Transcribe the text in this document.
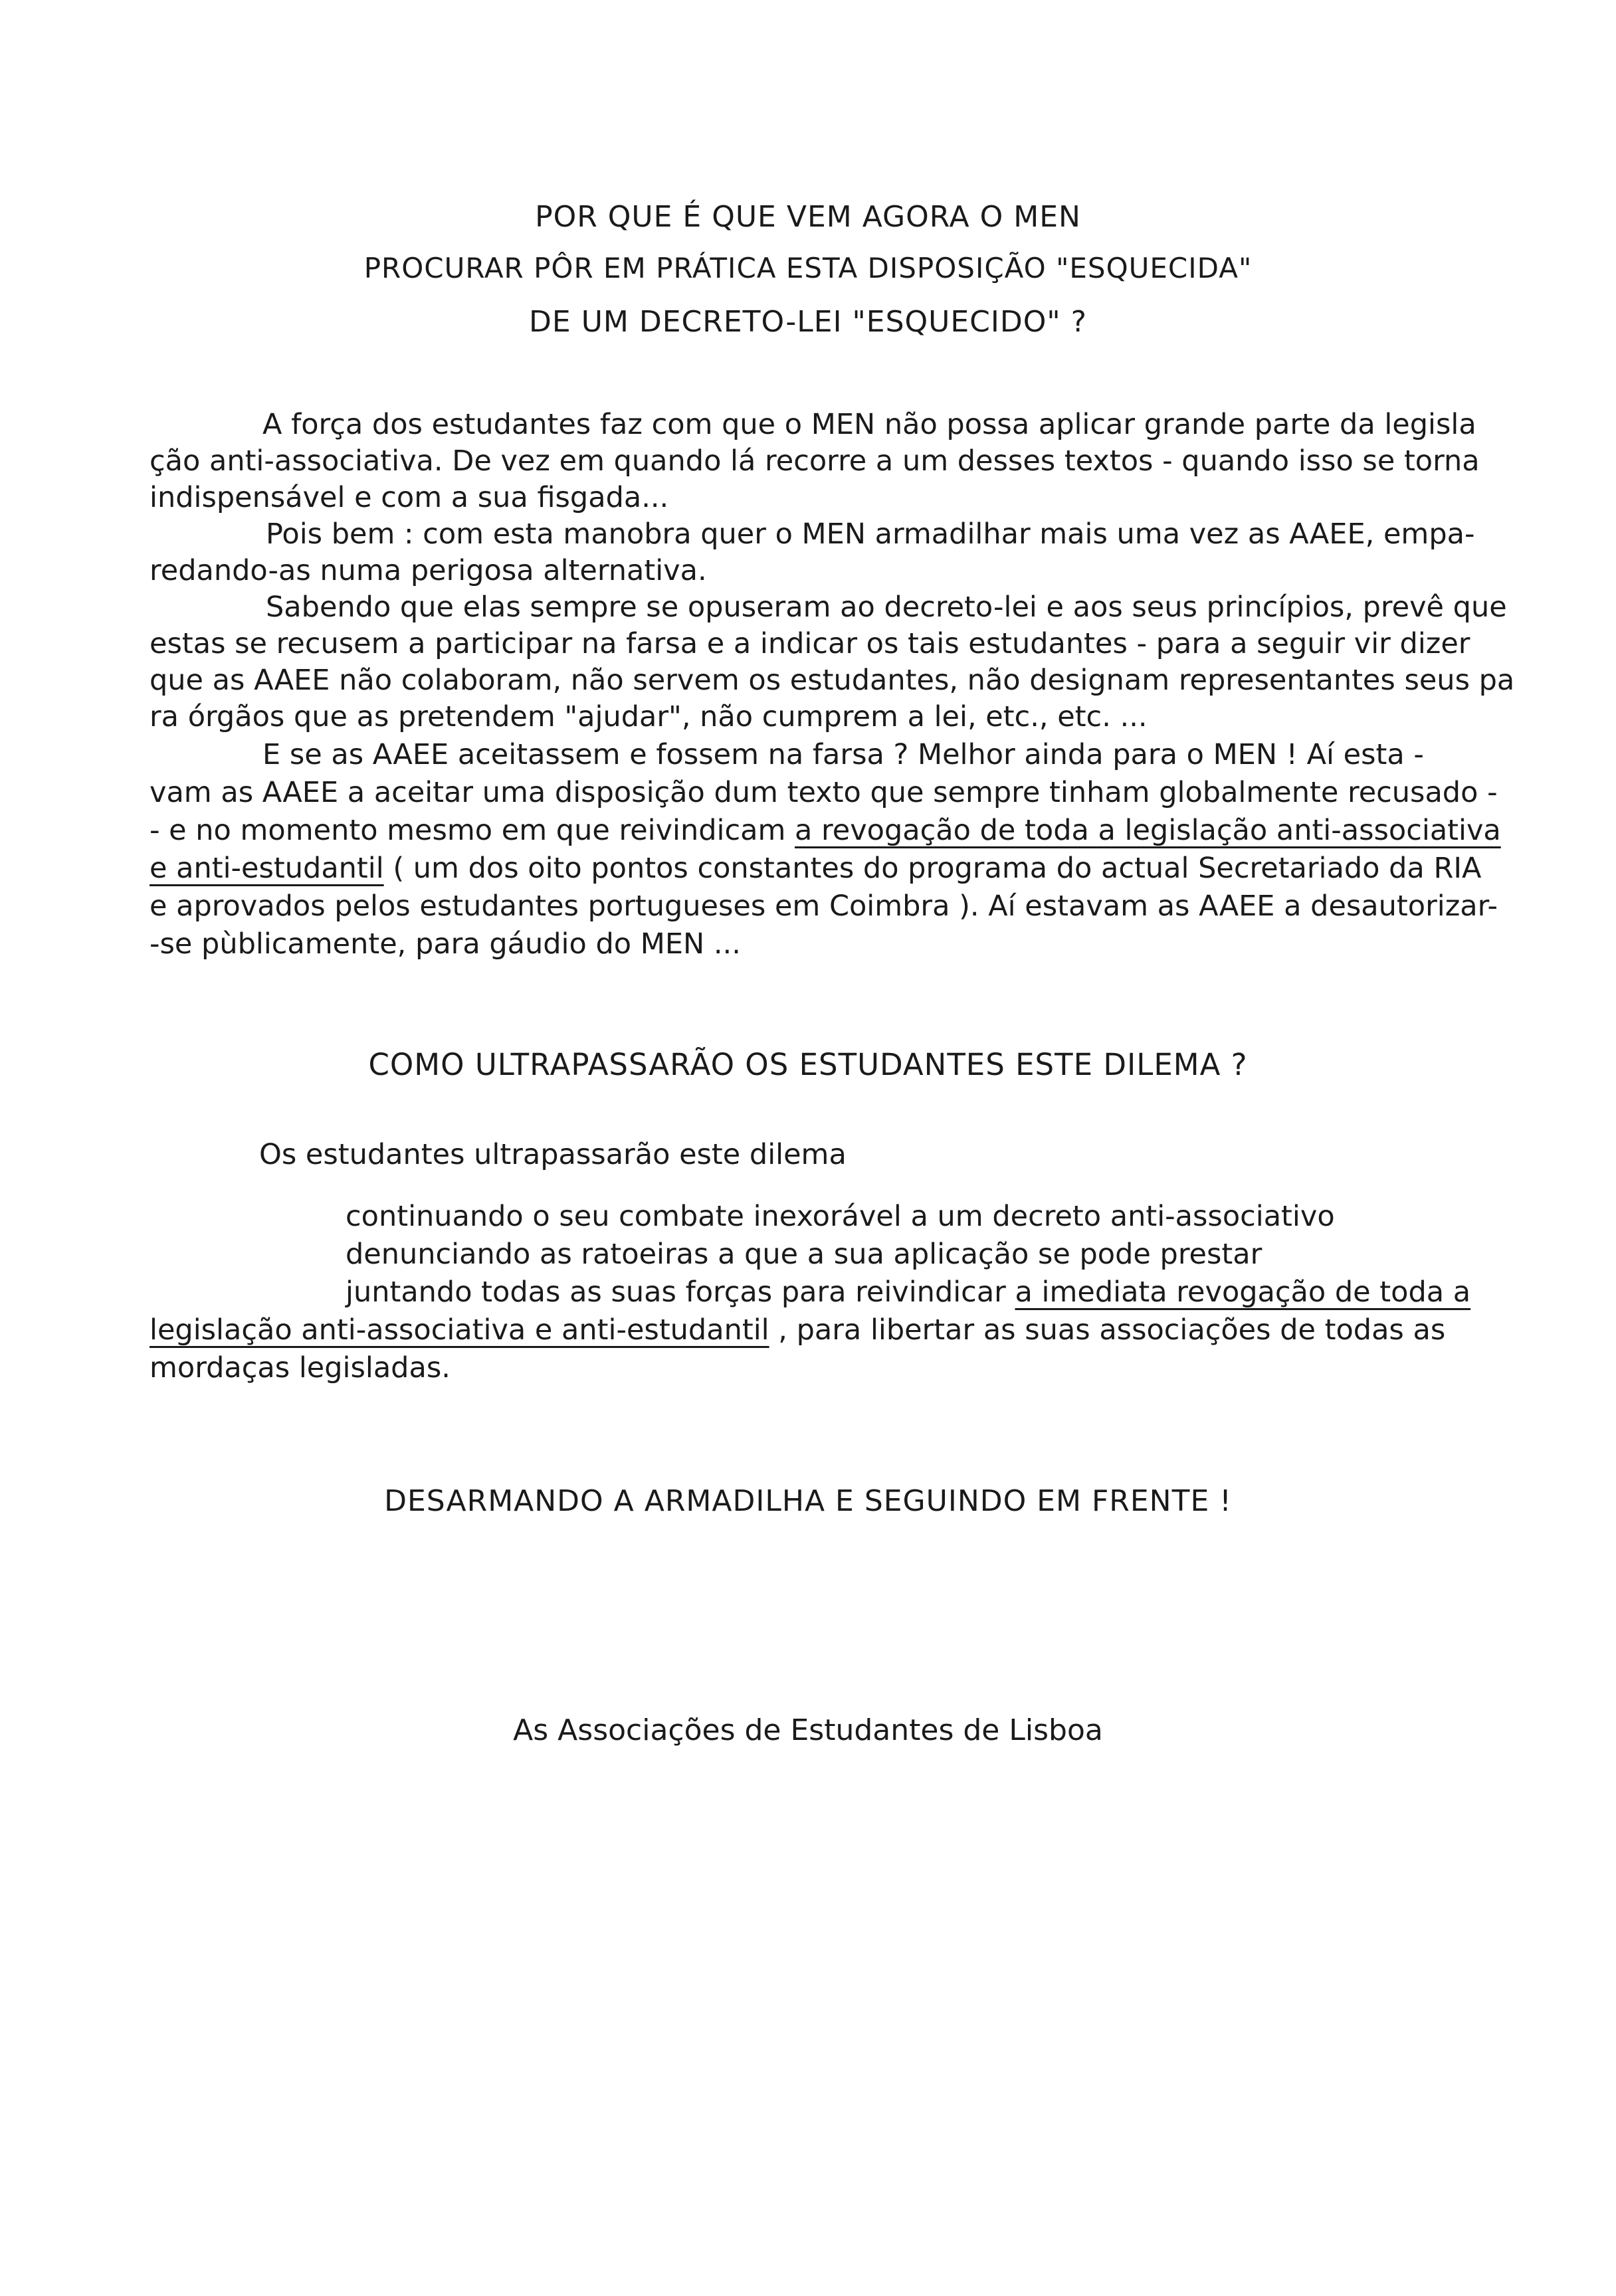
POR QUE É QUE VEM AGORA O MEN
PROCURAR PÔR EM PRÁTICA ESTA DISPOSIÇÃO "ESQUECIDA"
DE UM DECRETO-LEI "ESQUECIDO" ?
A força dos estudantes faz com que o MEN não possa aplicar grande parte da legisla
ção anti-associativa. De vez em quando lá recorre a um desses textos - quando isso se torna
indispensável e com a sua fisgada...
Pois bem : com esta manobra quer o MEN armadilhar mais uma vez as AAEE, empa-
redando-as numa perigosa alternativa.
Sabendo que elas sempre se opuseram ao decreto-lei e aos seus princípios, prevê que
estas se recusem a participar na farsa e a indicar os tais estudantes - para a seguir vir dizer
que as AAEE não colaboram, não servem os estudantes, não designam representantes seus pa
ra órgãos que as pretendem "ajudar", não cumprem a lei, etc., etc. ...
E se as AAEE aceitassem e fossem na farsa ? Melhor ainda para o MEN ! Aí esta -
vam as AAEE a aceitar uma disposição dum texto que sempre tinham globalmente recusado -
- e no momento mesmo em que reivindicam a revogação de toda a legislação anti-associativa
e anti-estudantil ( um dos oito pontos constantes do programa do actual Secretariado da RIA
e aprovados pelos estudantes portugueses em Coimbra ). Aí estavam as AAEE a desautorizar-
-se pùblicamente, para gáudio do MEN ...
COMO ULTRAPASSARÃO OS ESTUDANTES ESTE DILEMA ?
Os estudantes ultrapassarão este dilema
continuando o seu combate inexorável a um decreto anti-associativo
denunciando as ratoeiras a que a sua aplicação se pode prestar
juntando todas as suas forças para reivindicar a imediata revogação de toda a
legislação anti-associativa e anti-estudantil , para libertar as suas associações de todas as
mordaças legisladas.
DESARMANDO A ARMADILHA E SEGUINDO EM FRENTE !
As Associações de Estudantes de Lisboa
